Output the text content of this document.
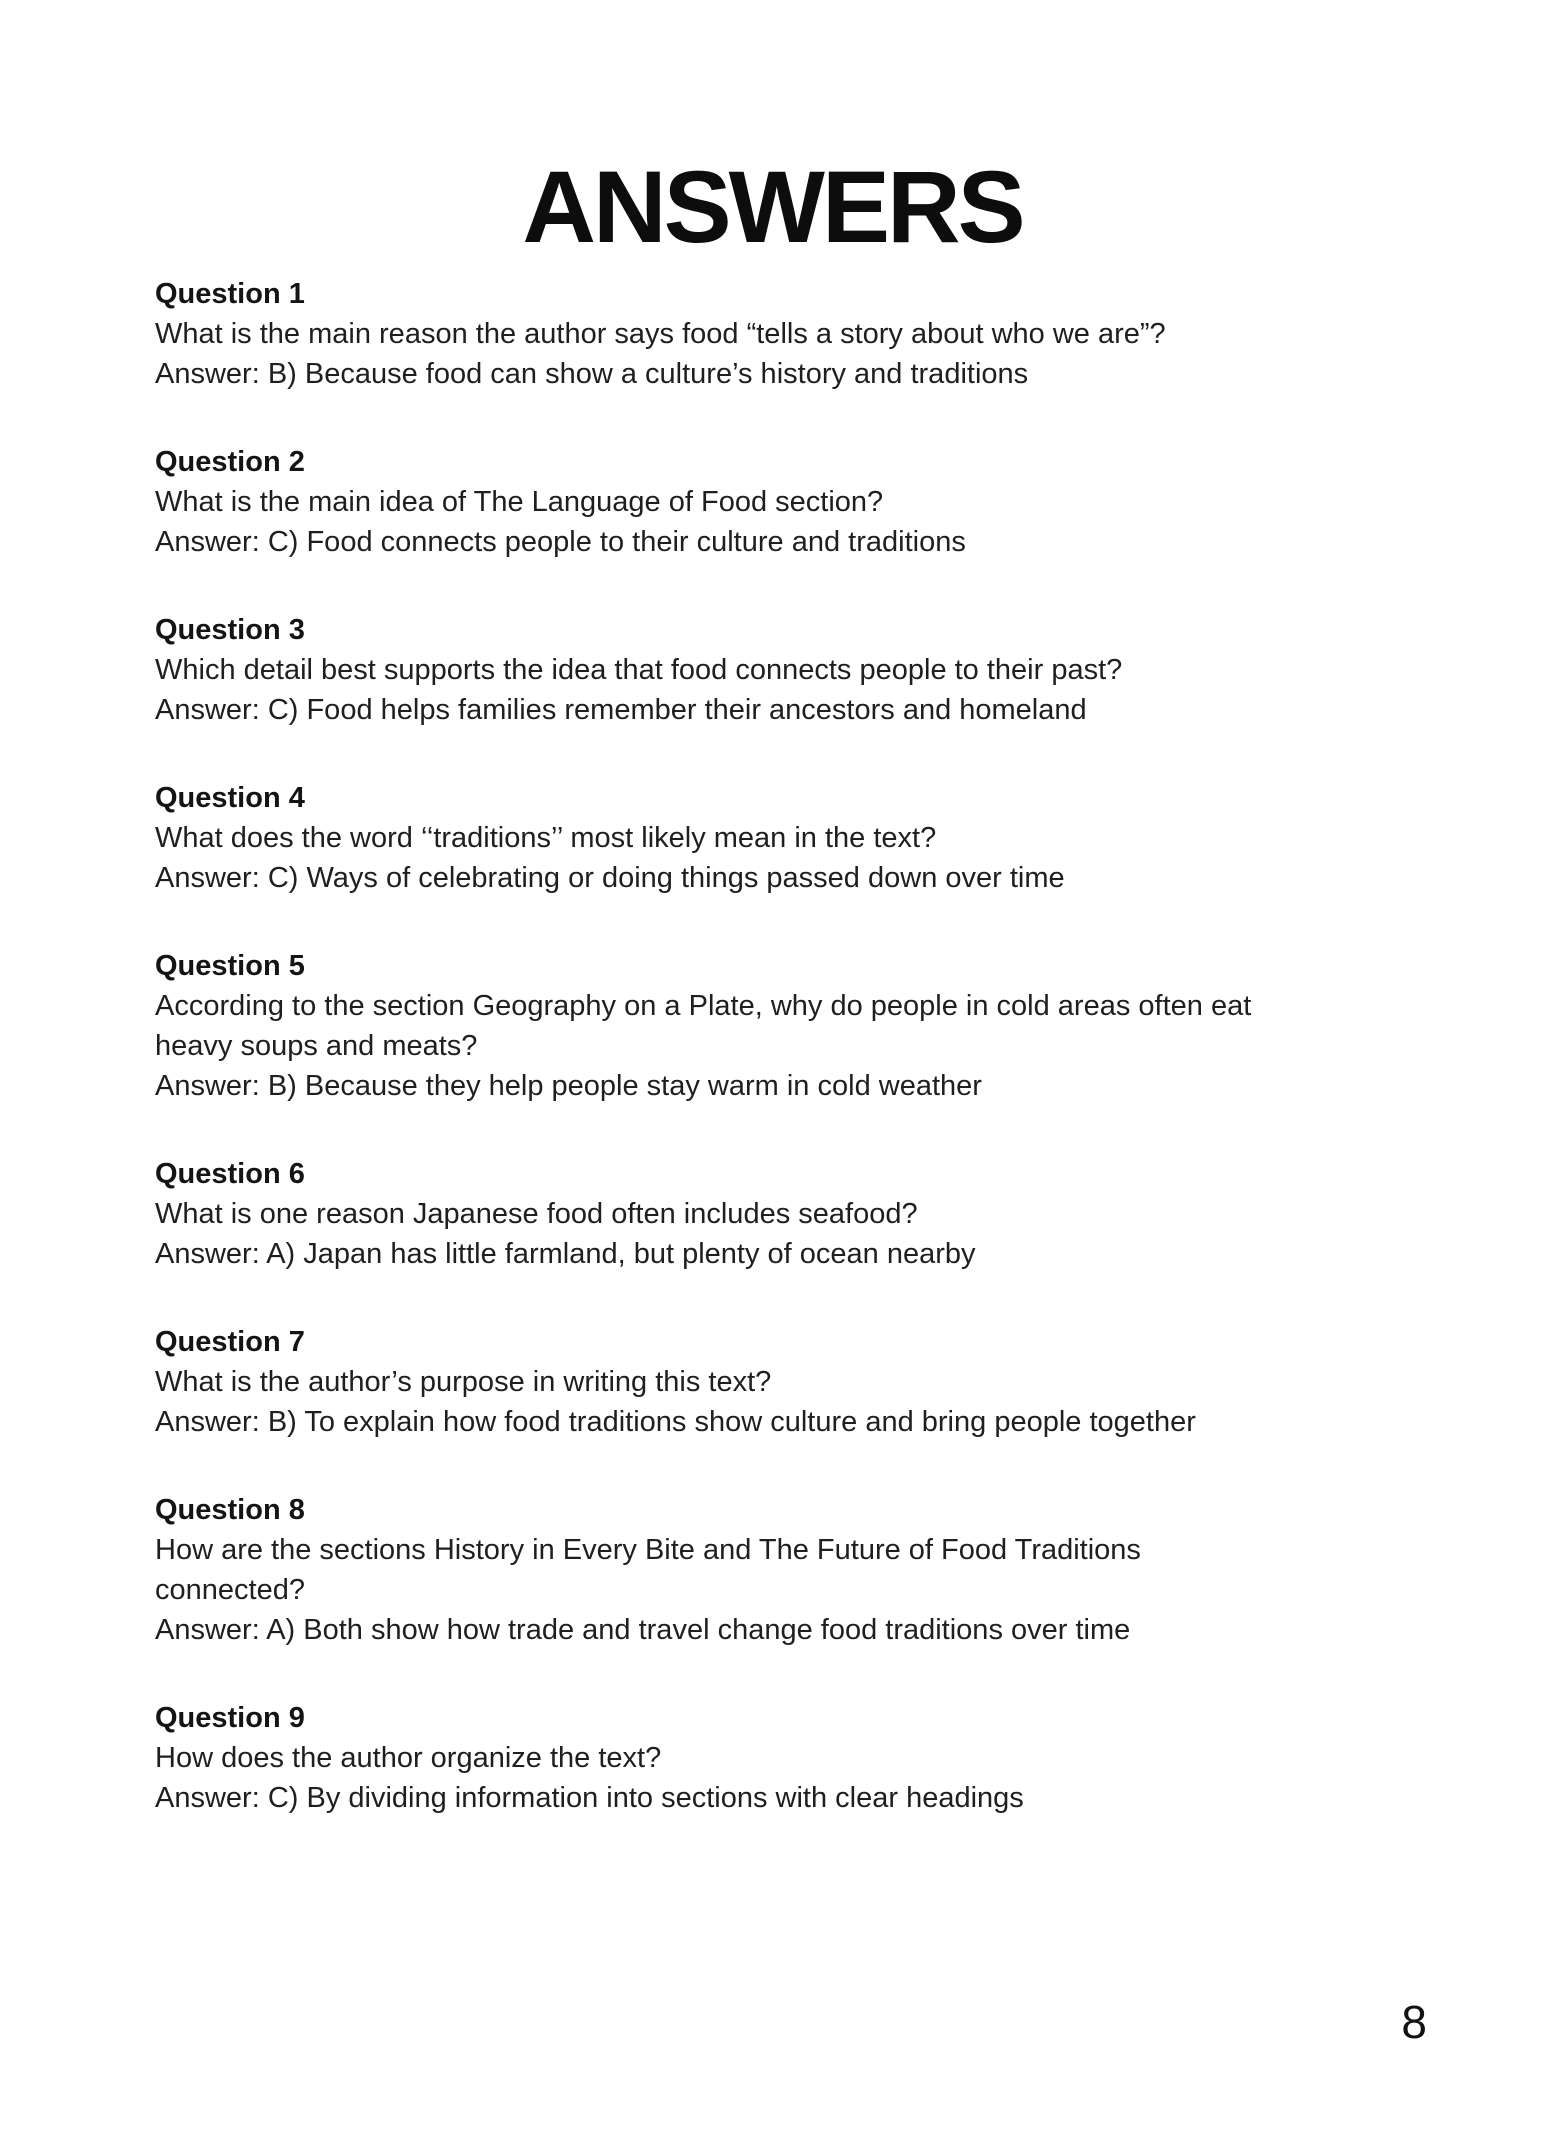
ANSWERS
Question 1
What is the main reason the author says food “tells a story about who we are”?
Answer: B) Because food can show a culture’s history and traditions
Question 2
What is the main idea of The Language of Food section?
Answer: C) Food connects people to their culture and traditions
Question 3
Which detail best supports the idea that food connects people to their past?
Answer: C) Food helps families remember their ancestors and homeland
Question 4
What does the word ‘‘traditions’’ most likely mean in the text?
Answer: C) Ways of celebrating or doing things passed down over time
Question 5
According to the section Geography on a Plate, why do people in cold areas often eat
heavy soups and meats?
Answer: B) Because they help people stay warm in cold weather
Question 6
What is one reason Japanese food often includes seafood?
Answer: A) Japan has little farmland, but plenty of ocean nearby
Question 7
What is the author’s purpose in writing this text?
Answer: B) To explain how food traditions show culture and bring people together
Question 8
How are the sections History in Every Bite and The Future of Food Traditions
connected?
Answer: A) Both show how trade and travel change food traditions over time
Question 9
How does the author organize the text?
Answer: C) By dividing information into sections with clear headings
8
